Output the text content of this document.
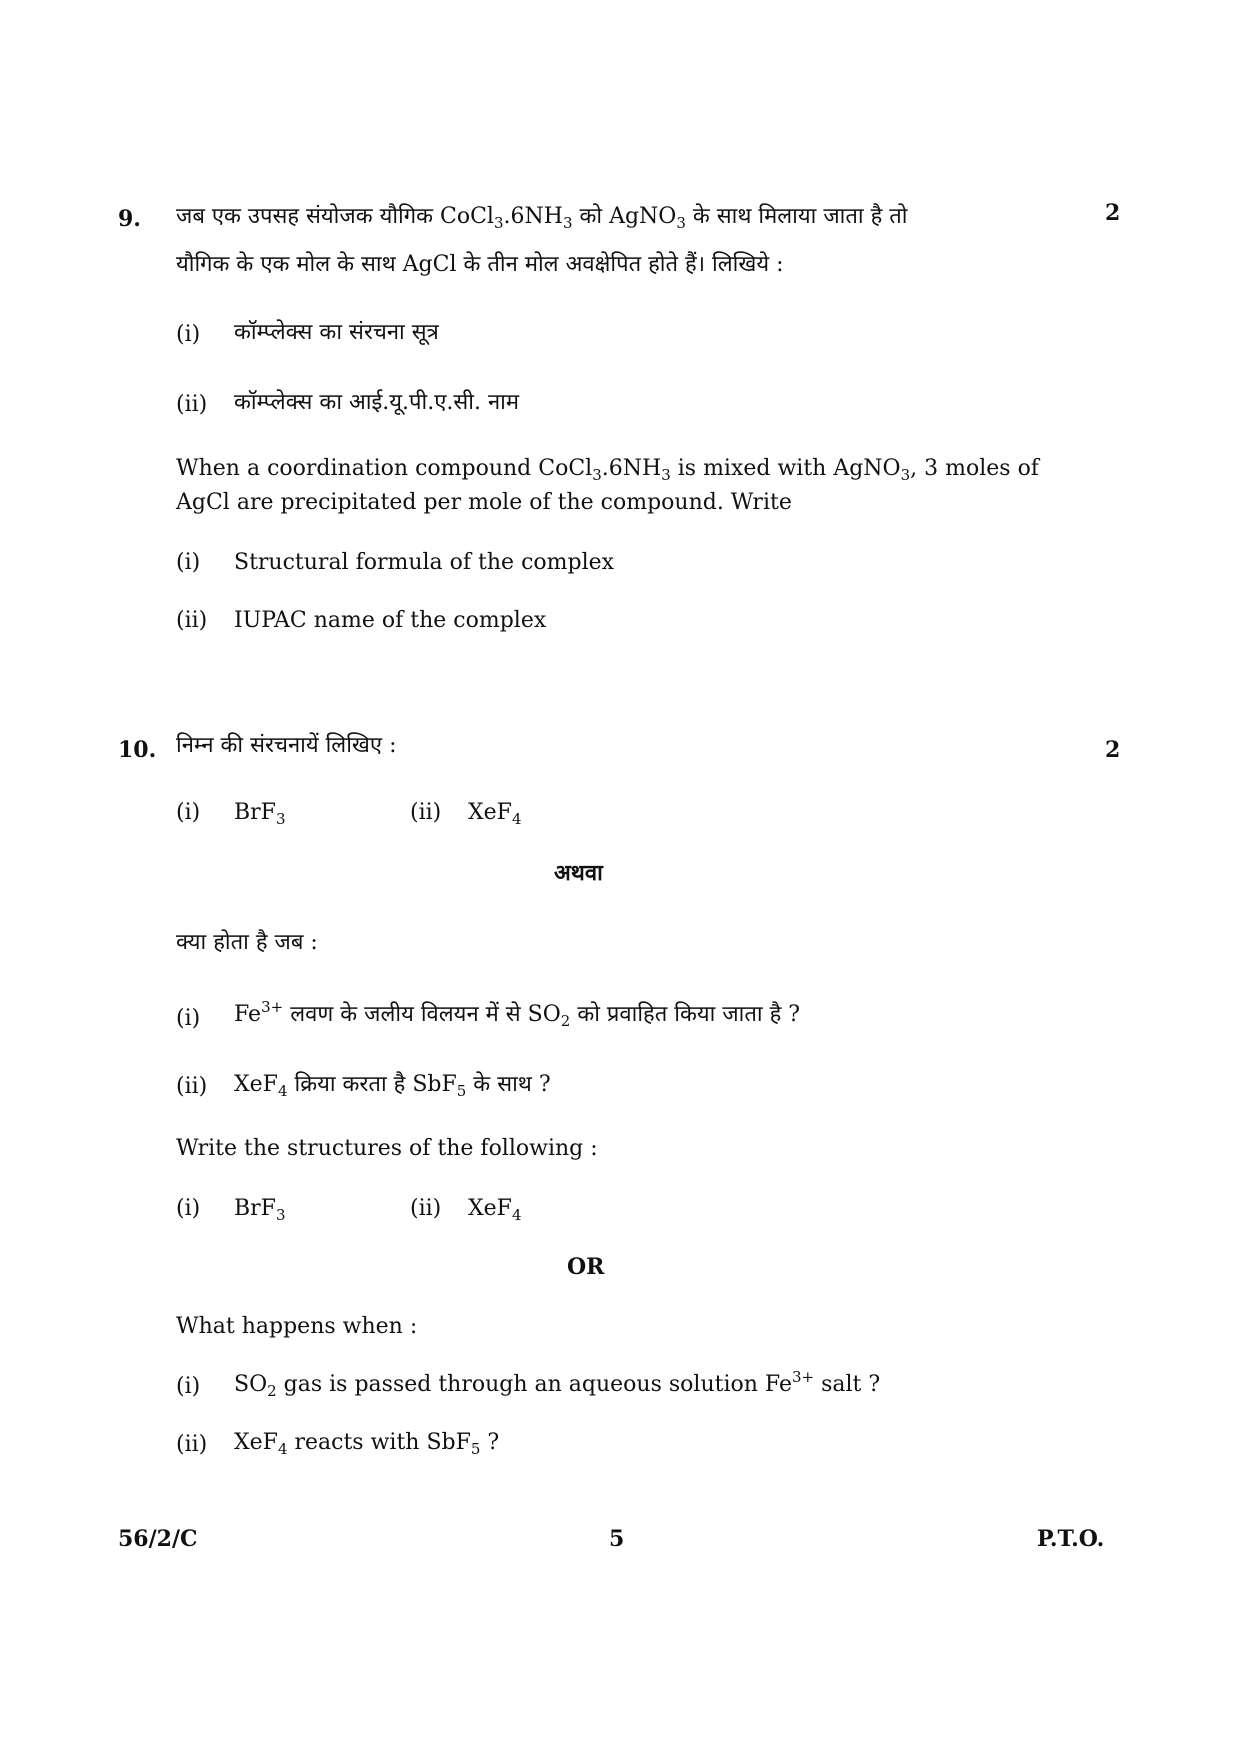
9.	2
जब एक उपसह संयोजक यौगिक $CoCl_3.6NH_3$ को AgNO$_3$ के साथ मिलाया जाता है तो
यौगिक के एक मोल के साथ AgCl के तीन मोल अवक्षेपित होते हैं। लिखिये :
(i) कॉम्प्लेक्स का संरचना सूत्र
(ii) कॉम्प्लेक्स का आई.यू.पी.ए.सी. नाम
When a coordination compound $CoCl_3.6NH_3$ is mixed with AgNO$_3$, 3 moles of
AgCl are precipitated per mole of the compound. Write
(i) Structural formula of the complex
(ii) IUPAC name of the complex
10.	2
निम्न की संरचनायें लिखिए :
(i) BrF$_3$	(ii) XeF$_4$
अथवा
क्या होता है जब :
(i) $Fe^{3+}$ लवण के जलीय विलयन में से $SO_2$ को प्रवाहित किया जाता है ?
(ii) XeF$_4$ क्रिया करता है SbF$_5$ के साथ ?
Write the structures of the following :
(i) BrF$_3$	(ii) XeF$_4$
OR
What happens when :
(i) $SO_2$ gas is passed through an aqueous solution $Fe^{3+}$ salt ?
(ii) XeF$_4$ reacts with SbF$_5$ ?
56/2/C	5	P.T.O.
